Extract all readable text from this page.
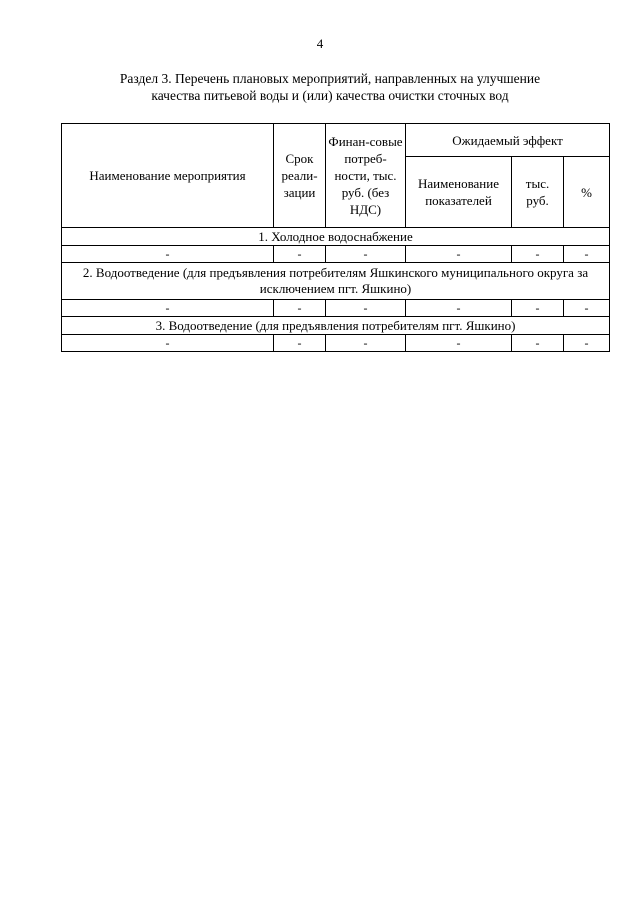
4
Раздел 3. Перечень плановых мероприятий, направленных на улучшение
качества питьевой воды и (или) качества очистки сточных вод
Наименование мероприятия	Срок реали-зации	Финан-совые потреб-ности, тыс. руб. (без НДС)	Ожидаемый эффект		
			Наименование показателей	тыс. руб.	%
1. Холодное водоснабжение					
-	-	-	-	-	-
2. Водоотведение (для предъявления потребителям Яшкинского муниципального округа за исключением пгт. Яшкино)					
-	-	-	-	-	-
3. Водоотведение (для предъявления потребителям пгт. Яшкино)					
-	-	-	-	-	-
